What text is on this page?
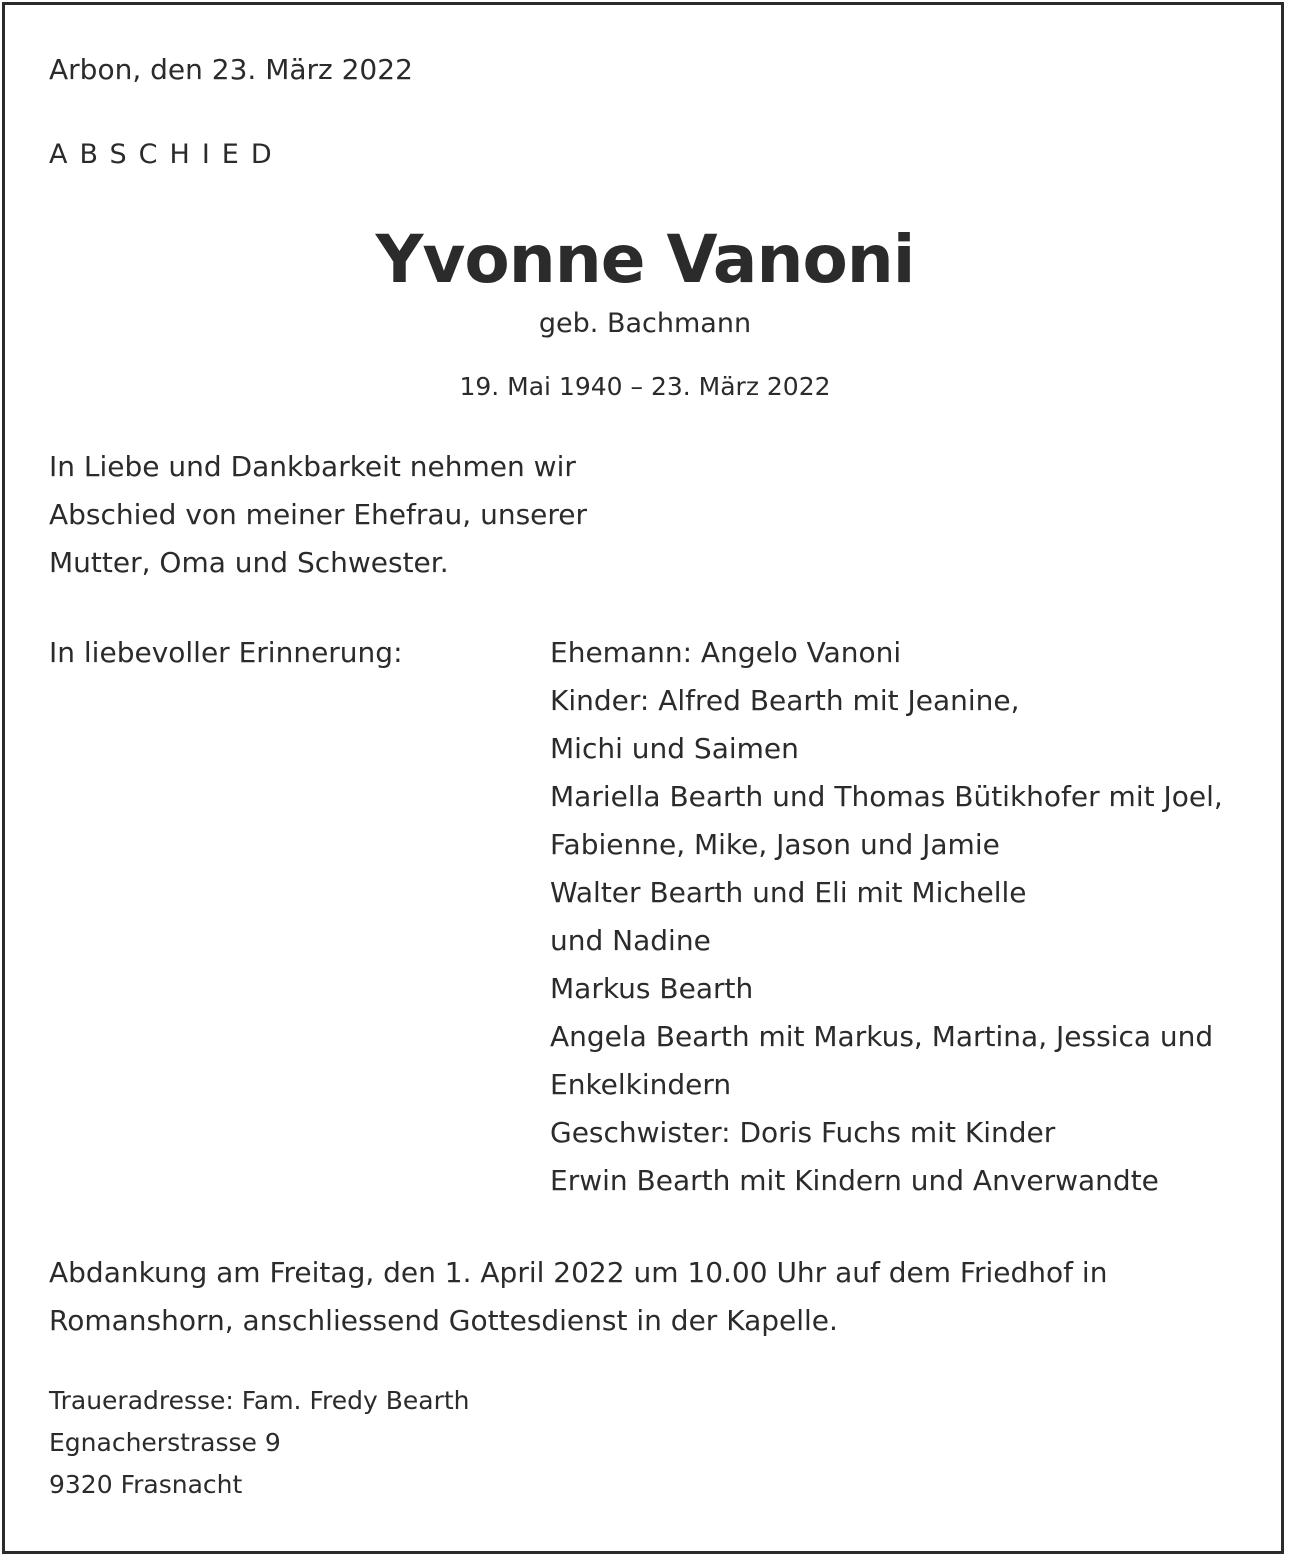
Arbon, den 23. März 2022
ABSCHIED
Yvonne Vanoni
geb. Bachmann
19. Mai 1940 – 23. März 2022
In Liebe und Dankbarkeit nehmen wir
Abschied von meiner Ehefrau, unserer
Mutter, Oma und Schwester.
In liebevoller Erinnerung:	Ehemann: Angelo Vanoni
Kinder: Alfred Bearth mit Jeanine,
Michi und Saimen
Mariella Bearth und Thomas Bütikhofer mit Joel,
Fabienne, Mike, Jason und Jamie
Walter Bearth und Eli mit Michelle
und Nadine
Markus Bearth
Angela Bearth mit Markus, Martina, Jessica und
Enkelkindern
Geschwister: Doris Fuchs mit Kinder
Erwin Bearth mit Kindern und Anverwandte
Abdankung am Freitag, den 1. April 2022 um 10.00 Uhr auf dem Friedhof in
Romanshorn, anschliessend Gottesdienst in der Kapelle.
Traueradresse: Fam. Fredy Bearth
Egnacherstrasse 9
9320 Frasnacht
